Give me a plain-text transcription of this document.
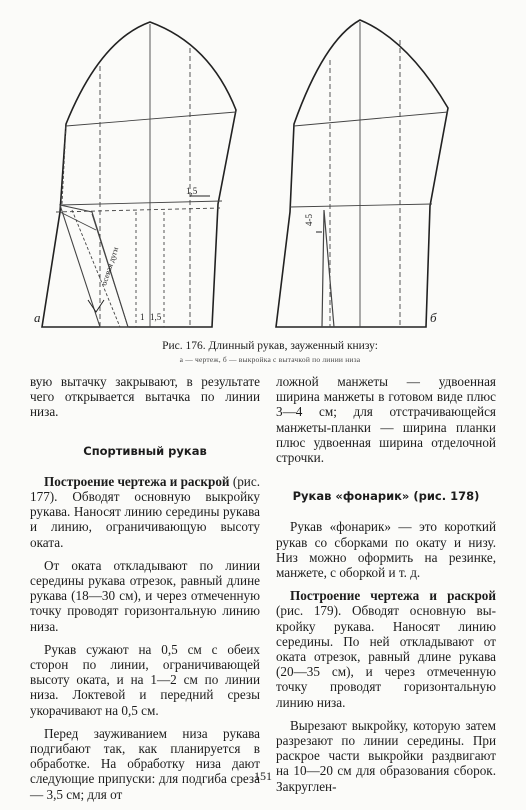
а	б
1,5
1,5
1
4-5
осевая дуги
Рис. 176. Длинный рукав, зауженный книзу:
а — чертеж, б — выкройка с вытачкой по линии низа

вую вытачку закрывают, в результате чего открывается вытачка по линии низа.

Спортивный рукав

Построение чертежа и раскрой (рис. 177). Обводят основную выкройку рукава. Наносят линию середины рукава и линию, ограничивающую высоту оката.

От оката откладывают по линии середины рукава отрезок, равный длине рукава (18—30 см), и через отмеченную точку проводят горизонтальную линию низа.

Рукав сужают на 0,5 см с обеих сторон по линии, ограничивающей высоту оката, и на 1—2 см по линии низа. Локтевой и передний срезы укорачивают на 0,5 см.

Перед зауживанием низа рукава подгибают так, как планируется в обработке. На обработку низа дают следующие припуски: для подгиба среза — 3,5 см; для от

ложной манжеты — удвоенная ширина манжеты в готовом виде плюс 3—4 см; для отстрачивающейся манжеты-планки — ширина планки плюс удвоенная ширина отделочной строчки.

Рукав «фонарик» (рис. 178)

Рукав «фонарик» — это короткий рукав со сборками по окату и низу. Низ можно оформить на резинке, манжете, с оборкой и т. д.

Построение чертежа и раскрой (рис. 179). Обводят основную выкройку рукава. Наносят линию середины. По ней откладывают от оката отрезок, равный длине рукава (20—35 см), и через отмеченную точку проводят горизонтальную линию низа.

Вырезают выкройку, которую затем разрезают по линии середины. При раскрое части выкройки раздвигают на 10—20 см для образования сборок. Закруглен-

151
